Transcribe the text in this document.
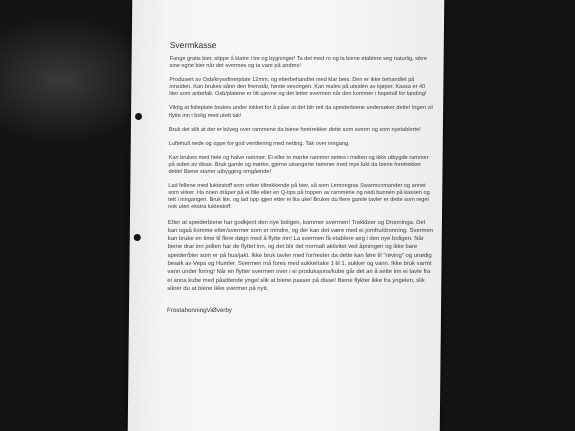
Svermkasse

Fange gratis bier, slippe å klatre i tre og bygninger! Ta det med ro og la biene etablere seg naturlig, sikre sine egne bier når det svermes og ta vare på andres!

Produsert av Osb/kryssfinerplate 12mm, og etterbehandlet med klar beis. Den er ikke behandlet på innsiden. Kan brukes sånn den fremstår, første sesongen. Kan males på utsiden av kjøper. Kassa er 40 liter som anbefalt. Osb/platene er litt ujevne og det letter svermen når den kommer i hopetall for landing!

Viktig at folieplate brukes under lokket for å påse at det blir tett da speiderbiene undersøker dette! Ingen vil flytte inn i bolig med utett tak!

Bruk det slik at der er bi/veg over rammene da biene foretrekker dette som sverm og som nyetablerte!

Luftehull nede og oppe for god ventilering med netting. Tak over inngang.

Kan brukes med hele og halve rammer. Ei eller to mørke rammer settes i midten og ikke utbygde rammer på siden av disse. Bruk gamle og mørke, gjerne utrangerte rammer med mye lukt da biene foretrekker dette! Biene starter utbygging omgående!

Lad fellene med luktestoff som virker tiltrekkende på bier, så som Lemongras Swarmcomander og annet som virker. Ha noen dråper på ei fille eller en Q-tips på toppen av rammene og nedi bunnen på kassen og tett i inngangen. Bruk lite, og lad opp igjen etter ei lita uke! Bruker du flere gamle tavler er dette som regel nok uten ekstra luktestoff.

Etter at speiderbiene har godkjent den nye boligen, kommer svermen! Trekkbier og Dronninga. Det kan også komme etter/svermer som er mindre, og der kan det være med ei jomfru/dronning. Svermen kan bruke en time til flere døgn med å flytte inn! La svermen få etablere seg i den nye boligen. Når biene drar inn pollen har de flyttet inn, og det blir det normalt aktivitet ved åpningen og ikke bare speider/bier som er på hus/jakt. Ikke bruk tavler med for/rester da dette kan føre til "røving" og unødig besøk av Veps og Humler. Svermen må fores med sukkerlake 1 til 1, sukker og vann. Ikke bruk varmt vann under foring! Når en flytter svermen over i ei produksjons/kube går det an å sette inn ei tavle fra ei anna kube med påsittende yngel slik at bienе passer på disse! Biene flykter ikke fra yngelen, slik sikrer du at biene ikke svermer på nytt.

FrostahonningViØverby
